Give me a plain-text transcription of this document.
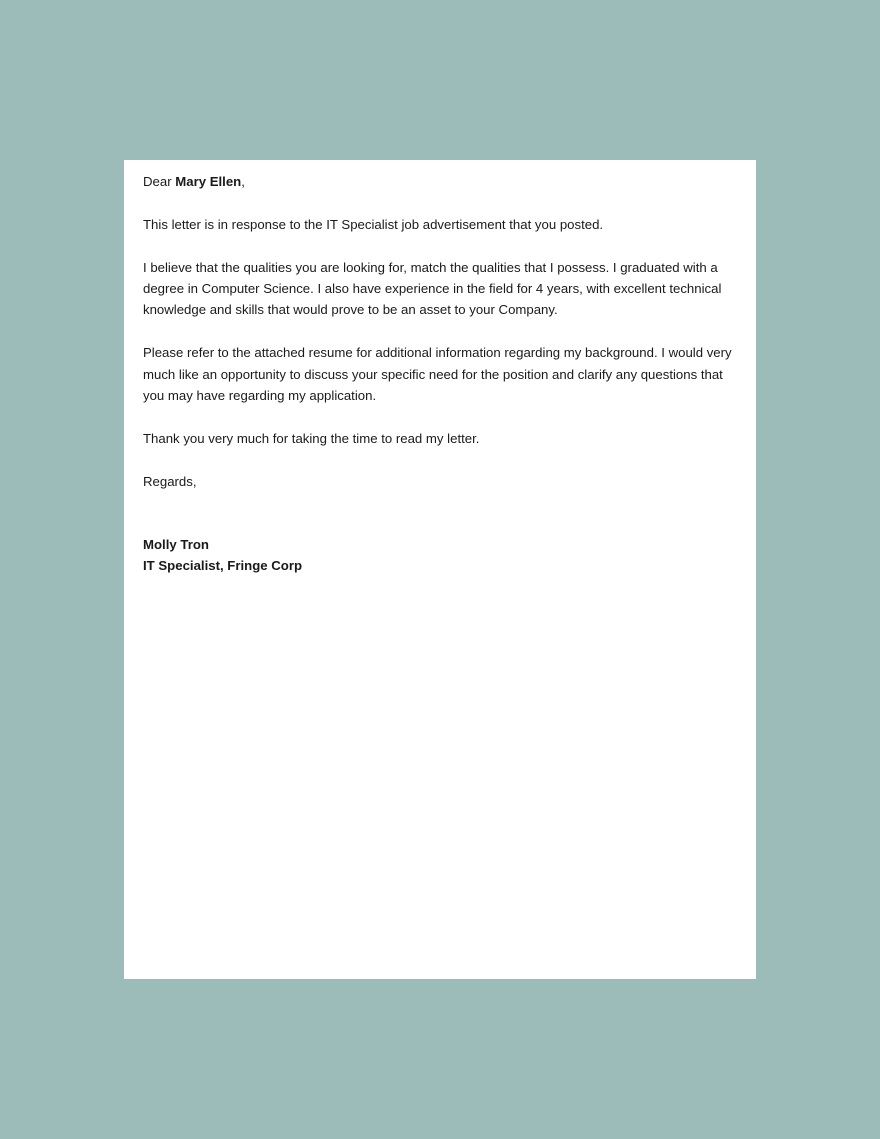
Dear Mary Ellen,

This letter is in response to the IT Specialist job advertisement that you posted.

I believe that the qualities you are looking for, match the qualities that I possess. I graduated with a degree in Computer Science. I also have experience in the field for 4 years, with excellent technical knowledge and skills that would prove to be an asset to your Company.

Please refer to the attached resume for additional information regarding my background. I would very much like an opportunity to discuss your specific need for the position and clarify any questions that you may have regarding my application.

Thank you very much for taking the time to read my letter.

Regards,

Molly Tron
IT Specialist, Fringe Corp
